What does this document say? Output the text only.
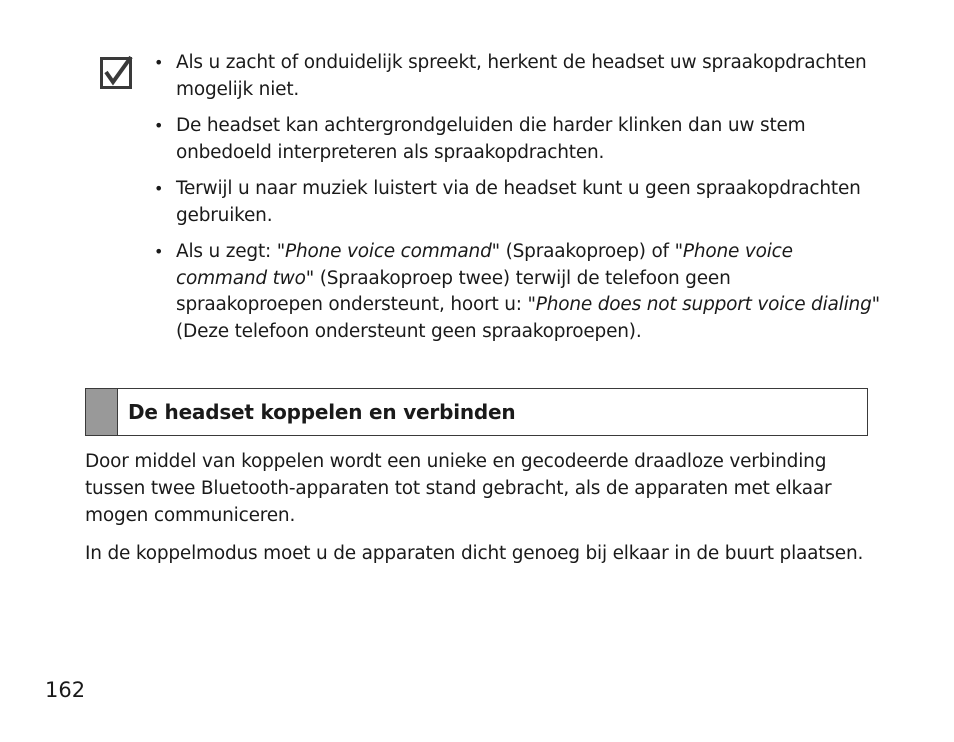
• Als u zacht of onduidelijk spreekt, herkent de headset uw spraakopdrachten mogelijk niet.
• De headset kan achtergrondgeluiden die harder klinken dan uw stem onbedoeld interpreteren als spraakopdrachten.
• Terwijl u naar muziek luistert via de headset kunt u geen spraakopdrachten gebruiken.
• Als u zegt: "Phone voice command" (Spraakoproep) of "Phone voice command two" (Spraakoproep twee) terwijl de telefoon geen spraakoproepen ondersteunt, hoort u: "Phone does not support voice dialing" (Deze telefoon ondersteunt geen spraakoproepen).
De headset koppelen en verbinden

Door middel van koppelen wordt een unieke en gecodeerde draadloze verbinding tussen twee Bluetooth-apparaten tot stand gebracht, als de apparaten met elkaar mogen communiceren.

In de koppelmodus moet u de apparaten dicht genoeg bij elkaar in de buurt plaatsen.

162
